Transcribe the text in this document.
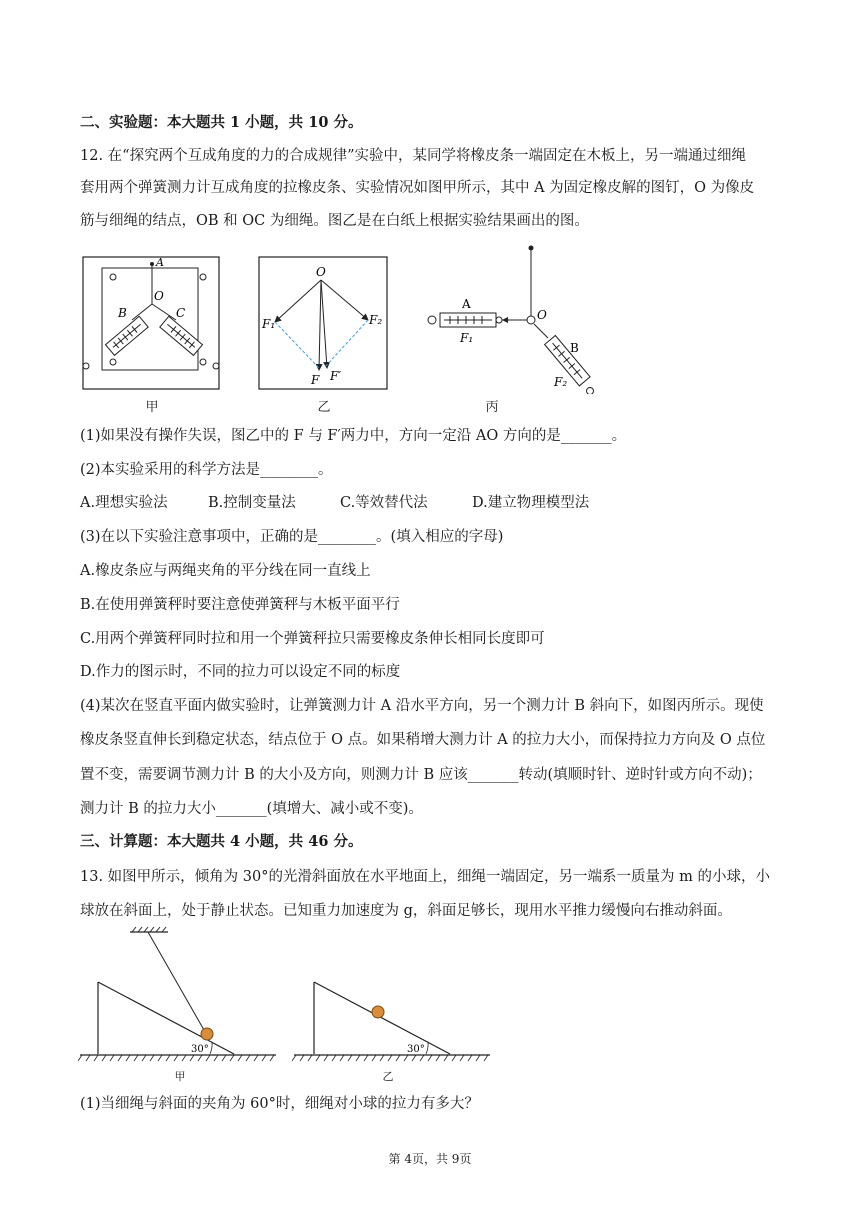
二、实验题：本大题共 1 小题，共 10 分。
12. 在“探究两个互成角度的力的合成规律”实验中，某同学将橡皮条一端固定在木板上，另一端通过细绳
套用两个弹簧测力计互成角度的拉橡皮条、实验情况如图甲所示，其中 A 为固定橡皮解的图钉，O 为像皮
筋与细绳的结点，OB 和 OC 为细绳。图乙是在白纸上根据实验结果画出的图。
A
O
B	C
甲
O
F₁	F₂
F F′
乙
A
O
B
F₁
F₂
丙
(1)如果没有操作失误，图乙中的 F 与 F′两力中，方向一定沿 AO 方向的是_______。
(2)本实验采用的科学方法是________。
A.理想实验法	B.控制变量法	C.等效替代法	D.建立物理模型法
(3)在以下实验注意事项中，正确的是________。(填入相应的字母)
A.橡皮条应与两绳夹角的平分线在同一直线上
B.在使用弹簧秤时要注意使弹簧秤与木板平面平行
C.用两个弹簧秤同时拉和用一个弹簧秤拉只需要橡皮条伸长相同长度即可
D.作力的图示时，不同的拉力可以设定不同的标度
(4)某次在竖直平面内做实验时，让弹簧测力计 A 沿水平方向，另一个测力计 B 斜向下，如图丙所示。现使
橡皮条竖直伸长到稳定状态，结点位于 O 点。如果稍增大测力计 A 的拉力大小，而保持拉力方向及 O 点位
置不变，需要调节测力计 B 的大小及方向，则测力计 B 应该_______转动(填顺时针、逆时针或方向不动)；
测力计 B 的拉力大小_______(填增大、减小或不变)。
三、计算题：本大题共 4 小题，共 46 分。
13. 如图甲所示，倾角为 30°的光滑斜面放在水平地面上，细绳一端固定，另一端系一质量为 m 的小球，小
球放在斜面上，处于静止状态。已知重力加速度为 g，斜面足够长，现用水平推力缓慢向右推动斜面。
30°
甲
30°
乙
(1)当细绳与斜面的夹角为 60°时，细绳对小球的拉力有多大？
第 4页，共 9页
